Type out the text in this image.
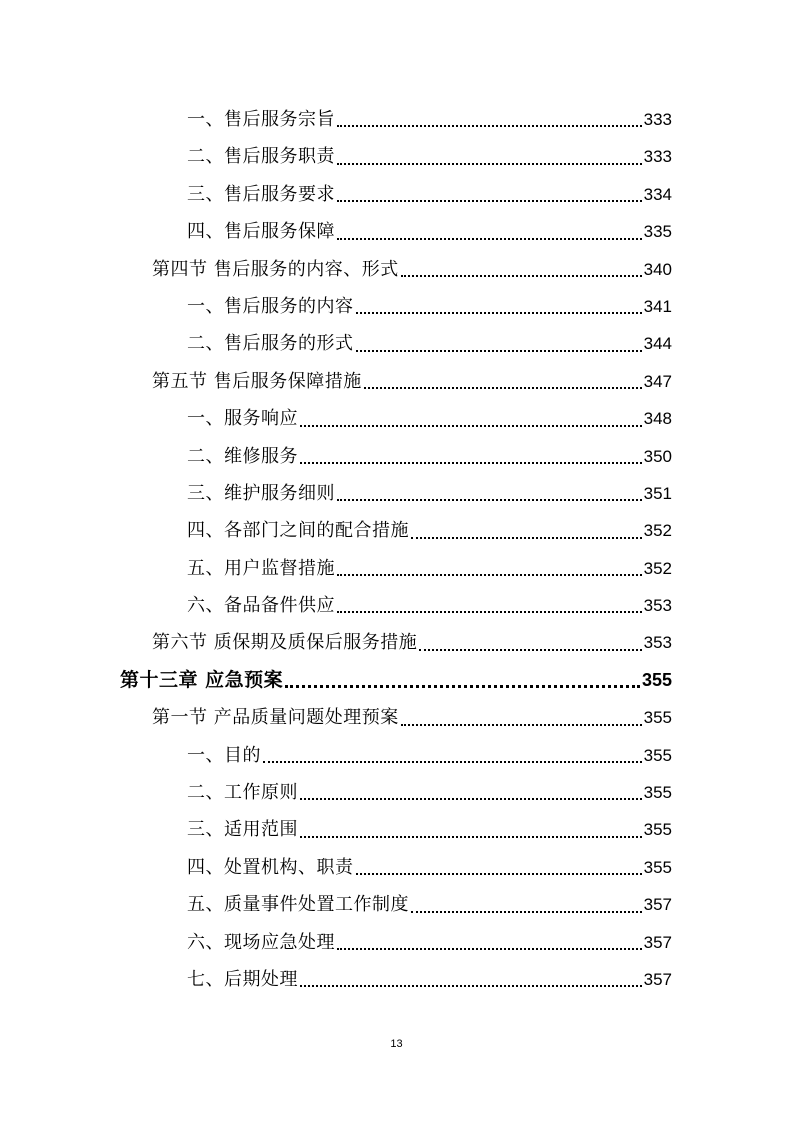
一、售后服务宗旨	333
二、售后服务职责	333
三、售后服务要求	334
四、售后服务保障	335
第四节 售后服务的内容、形式	340
一、售后服务的内容	341
二、售后服务的形式	344
第五节 售后服务保障措施	347
一、服务响应	348
二、维修服务	350
三、维护服务细则	351
四、各部门之间的配合措施	352
五、用户监督措施	352
六、备品备件供应	353
第六节 质保期及质保后服务措施	353
第十三章 应急预案	355
第一节 产品质量问题处理预案	355
一、目的	355
二、工作原则	355
三、适用范围	355
四、处置机构、职责	355
五、质量事件处置工作制度	357
六、现场应急处理	357
七、后期处理	357
13
